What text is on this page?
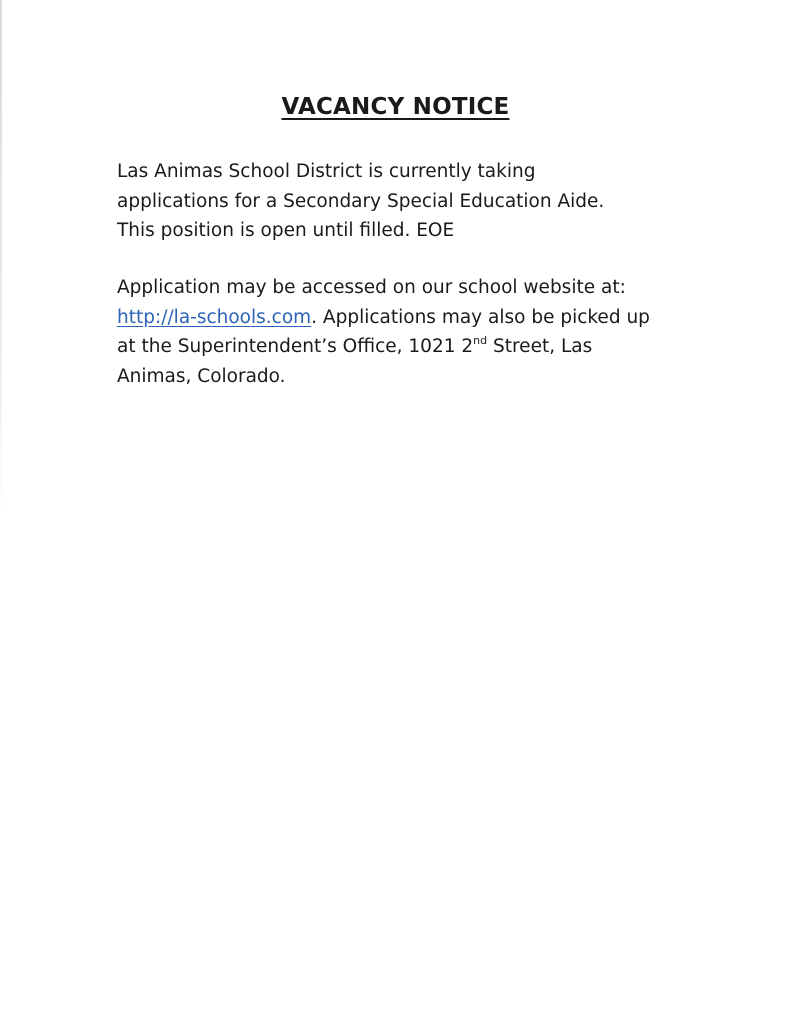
VACANCY NOTICE

Las Animas School District is currently taking
applications for a Secondary Special Education Aide.
This position is open until filled. EOE

Application may be accessed on our school website at:
http://la-schools.com. Applications may also be picked up
at the Superintendent’s Office, 1021 2nd Street, Las
Animas, Colorado.
